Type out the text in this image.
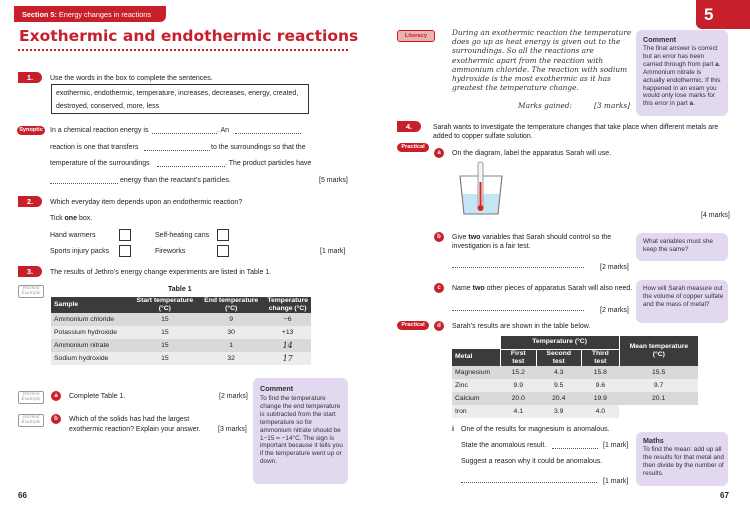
Section 5: Energy changes in reactions
Exothermic and endothermic reactions
1.	Use the words in the box to complete the sentences.
exothermic, endothermic, temperature, increases, decreases, energy, created,
destroyed, conserved, more, less
Synoptic	In a chemical reaction energy is	. An
reaction is one that transfers	to the surroundings so that the
temperature of the surroundings	. The product particles have
energy than the reactant’s particles.	[5 marks]
2.	Which everyday item depends upon an endothermic reaction?
Tick one box.
Hand warmers	Self-heating cans
Sports injury packs	Fireworks	[1 mark]
3.	The results of Jethro’s energy change experiments are listed in Table 1.
Worked
Example
Table 1
Sample	Start temperature (°C)	End temperature (°C)	Temperature change (°C)
Ammonium chloride	15	9	−6
Potassium hydroxide	15	30	+13
Ammonium nitrate	15	1	14
Sodium hydroxide	15	32	17
Worked
Example
a	Complete Table 1.	[2 marks]
Worked
Example
b	Which of the solids has had the largest
exothermic reaction? Explain your answer. [3 marks]
Comment
To find the temperature change the end temperature is subtracted from the start temperature so for ammonium nitrate should be 1−15 = −14°C. The sign is important because it tells you if the temperature went up or down.
66
5
Literacy	During an exothermic reaction the temperature does go up as heat energy is given out to the surroundings. So all the reactions are exothermic apart from the reaction with ammonium chloride. The reaction with sodium hydroxide is the most exothermic as it has greatest the temperature change.
Marks gained:	[3 marks]
Comment
The final answer is correct but an error has been carried through from part a. Ammonium nitrate is actually endothermic. If this happened in an exam you would only lose marks for this error in part a.
4.	Sarah wants to investigate the temperature changes that take place when different metals are
added to copper sulfate solution.
Practical
a	On the diagram, label the apparatus Sarah will use.
[4 marks]
b	Give two variables that Sarah should control so the
investigation is a fair test.
[2 marks]
What variables must she keep the same?
c	Name two other pieces of apparatus Sarah will also need.
[2 marks]
How will Sarah measure out the volume of copper sulfate and the mass of metal?
Practical	d	Sarah’s results are shown in the table below.
	Temperature (°C)			Mean temperature (°C)
Metal	First test	Second test	Third test	
Magnesium	15.2	4.3	15.8	15.5
Zinc	9.9	9.5	9.6	9.7
Calcium	20.0	20.4	19.9	20.1
Iron	4.1	3.9	4.0	
i One of the results for magnesium is anomalous.
State the anomalous result.	[1 mark]
Suggest a reason why it could be anomalous.
[1 mark]
Maths
To find the mean: add up all the results for that metal and then divide by the number of results.
67
